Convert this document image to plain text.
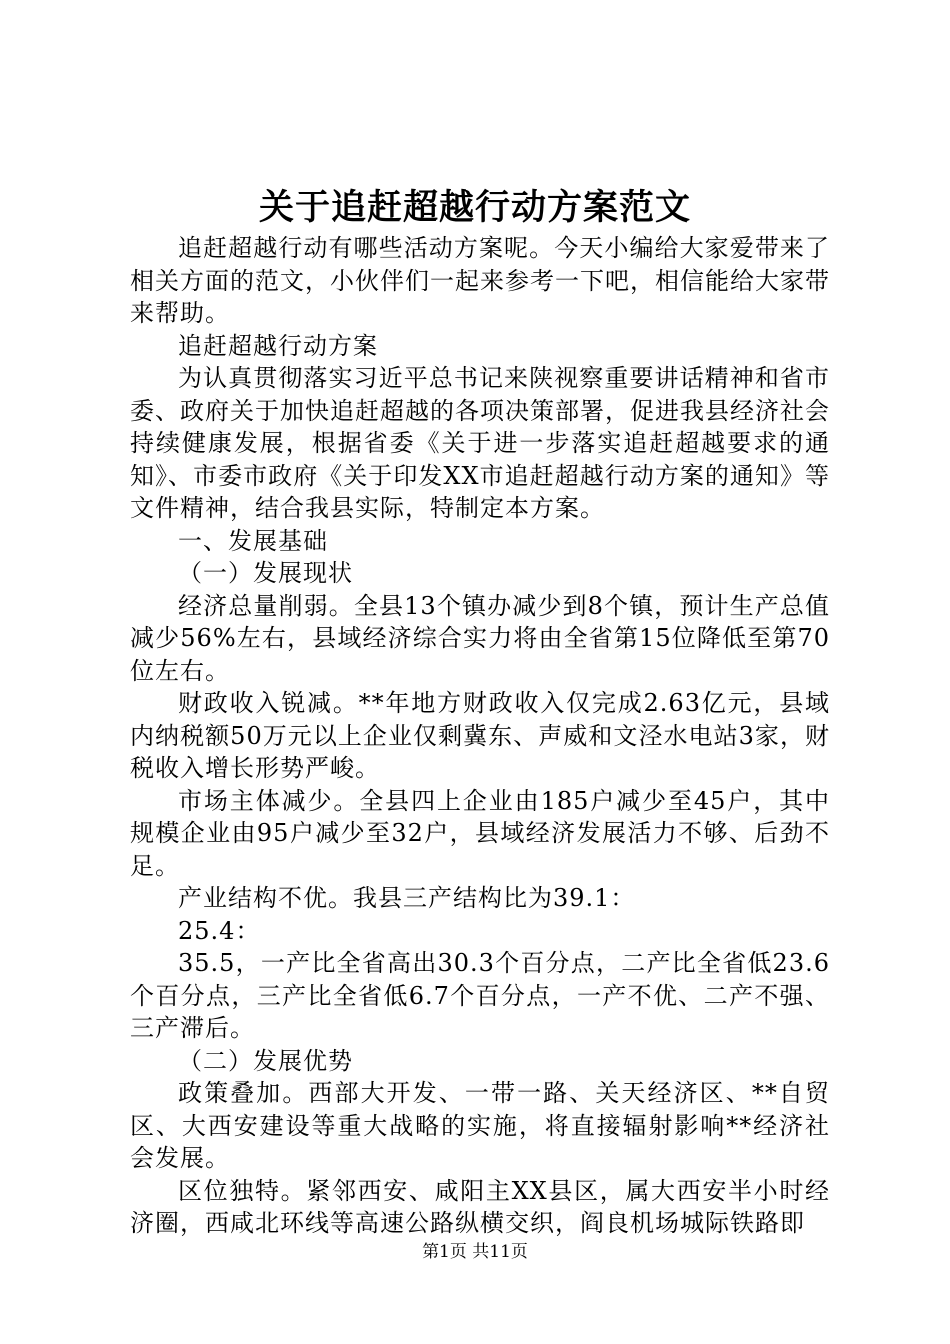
关于追赶超越行动方案范文

追赶超越行动有哪些活动方案呢。今天小编给大家爱带来了相关方面的范文，小伙伴们一起来参考一下吧，相信能给大家带来帮助。

追赶超越行动方案

为认真贯彻落实习近平总书记来陕视察重要讲话精神和省市委、政府关于加快追赶超越的各项决策部署，促进我县经济社会持续健康发展，根据省委《关于进一步落实追赶超越要求的通知》、市委市政府《关于印发XX市追赶超越行动方案的通知》等文件精神，结合我县实际，特制定本方案。

一、发展基础

（一）发展现状

经济总量削弱。全县13个镇办减少到8个镇，预计生产总值减少56%左右，县域经济综合实力将由全省第15位降低至第70位左右。

财政收入锐减。**年地方财政收入仅完成2.63亿元，县域内纳税额50万元以上企业仅剩冀东、声威和文泾水电站3家，财税收入增长形势严峻。

市场主体减少。全县四上企业由185户减少至45户，其中规模企业由95户减少至32户，县域经济发展活力不够、后劲不足。

产业结构不优。我县三产结构比为39.1：

25.4：

35.5，一产比全省高出30.3个百分点，二产比全省低23.6个百分点，三产比全省低6.7个百分点，一产不优、二产不强、三产滞后。

（二）发展优势

政策叠加。西部大开发、一带一路、关天经济区、**自贸区、大西安建设等重大战略的实施，将直接辐射影响**经济社会发展。

区位独特。紧邻西安、咸阳主XX县区，属大西安半小时经济圈，西咸北环线等高速公路纵横交织，阎良机场城际铁路即

第1页 共11页
